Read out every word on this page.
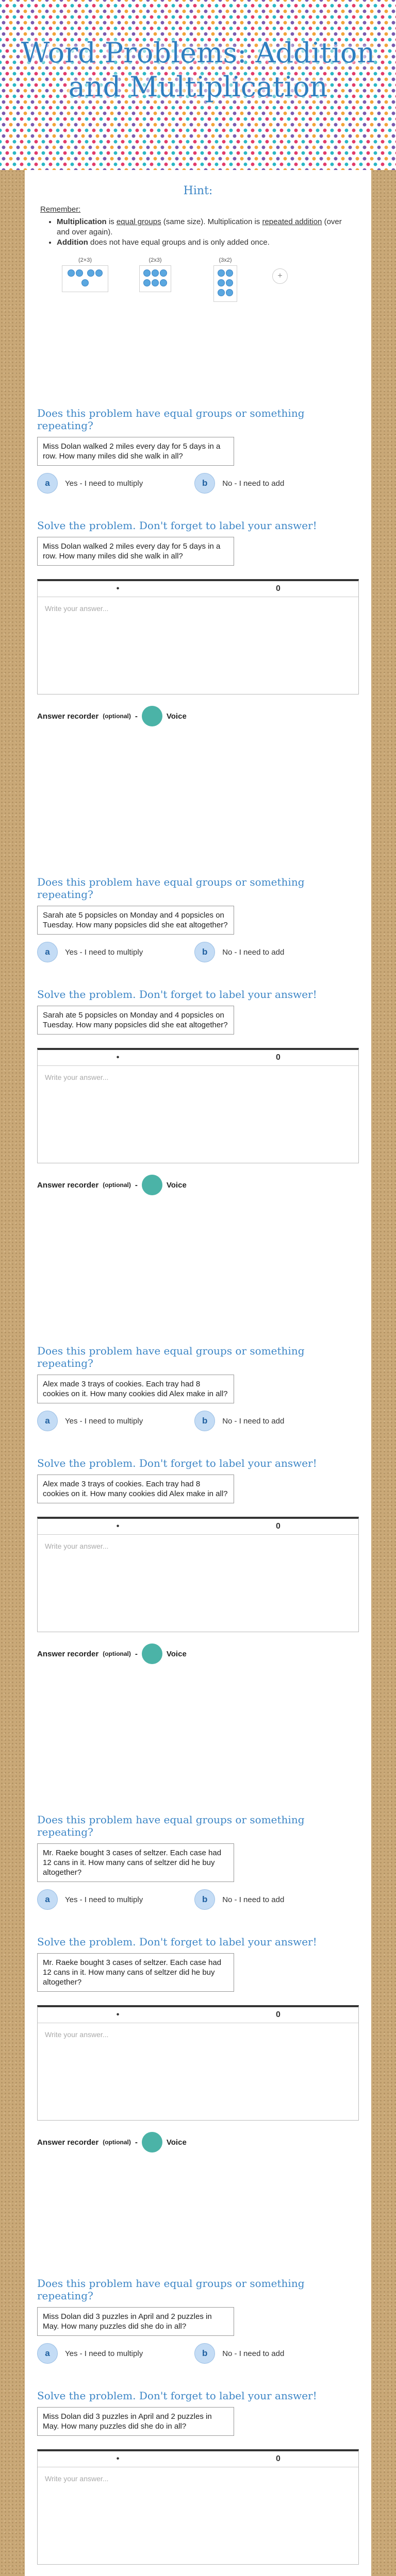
Word Problems: Addition and Multiplication
Hint:
Remember:
• Multiplication is equal groups (same size). Multiplication is repeated addition (over and over again).
• Addition does not have equal groups and is only added once.
(2×3)
	(2x3)	(3x2)

+
Does this problem have equal groups or something repeating?
Miss Dolan walked 2 miles every day for 5 days in a row. How many miles did she walk in all?
a	Yes - I need to multiply	b	No - I need to add
Solve the problem. Don't forget to label your answer!
Miss Dolan walked 2 miles every day for 5 days in a row. How many miles did she walk in all?
•	0
Write your answer...
Answer recorder (optional) -	Voice
Does this problem have equal groups or something repeating?
Sarah ate 5 popsicles on Monday and 4 popsicles on Tuesday. How many popsicles did she eat altogether?
a	Yes - I need to multiply	b	No - I need to add
Solve the problem. Don't forget to label your answer!
Sarah ate 5 popsicles on Monday and 4 popsicles on Tuesday. How many popsicles did she eat altogether?
•	0
Write your answer...
Answer recorder (optional) -	Voice
Does this problem have equal groups or something repeating?
Alex made 3 trays of cookies. Each tray had 8 cookies on it. How many cookies did Alex make in all?
a	Yes - I need to multiply	b	No - I need to add
Solve the problem. Don't forget to label your answer!
Alex made 3 trays of cookies. Each tray had 8 cookies on it. How many cookies did Alex make in all?
•	0
Write your answer...
Answer recorder (optional) -	Voice
Does this problem have equal groups or something repeating?
Mr. Raeke bought 3 cases of seltzer. Each case had 12 cans in it. How many cans of seltzer did he buy altogether?
a	Yes - I need to multiply	b	No - I need to add
Solve the problem. Don't forget to label your answer!
Mr. Raeke bought 3 cases of seltzer. Each case had 12 cans in it. How many cans of seltzer did he buy altogether?
•	0
Write your answer...
Answer recorder (optional) -	Voice
Does this problem have equal groups or something repeating?
Miss Dolan did 3 puzzles in April and 2 puzzles in May. How many puzzles did she do in all?
a	Yes - I need to multiply	b	No - I need to add
Solve the problem. Don't forget to label your answer!
Miss Dolan did 3 puzzles in April and 2 puzzles in May. How many puzzles did she do in all?
•	0
Write your answer...
